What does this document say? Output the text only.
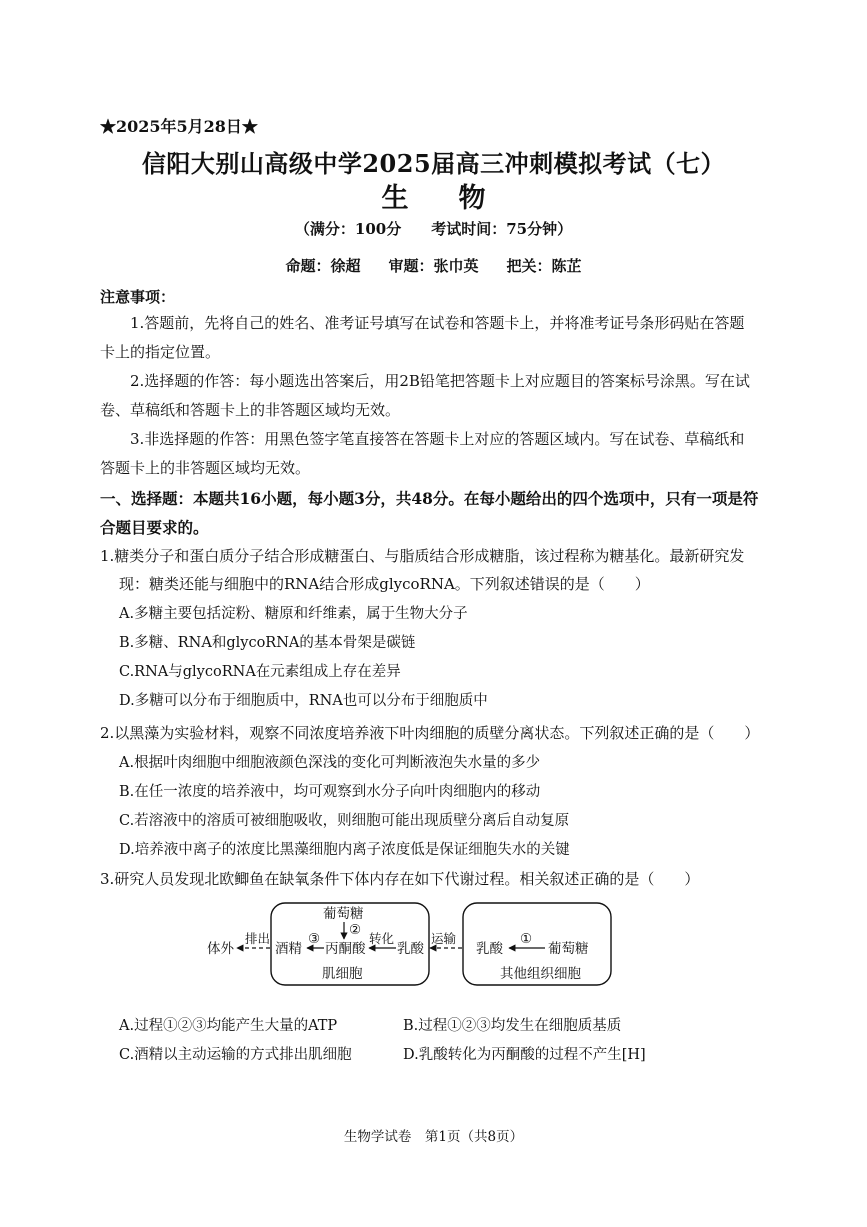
★2025年5月28日★
信阳大别山高级中学2025届高三冲刺模拟考试（七）
生 物
（满分：100分 考试时间：75分钟）
命题：徐超 审题：张巾英 把关：陈芷
注意事项：
1.答题前，先将自己的姓名、准考证号填写在试卷和答题卡上，并将准考证号条形码贴在答题
卡上的指定位置。
2.选择题的作答：每小题选出答案后，用2B铅笔把答题卡上对应题目的答案标号涂黑。写在试
卷、草稿纸和答题卡上的非答题区域均无效。
3.非选择题的作答：用黑色签字笔直接答在答题卡上对应的答题区域内。写在试卷、草稿纸和
答题卡上的非答题区域均无效。
一、选择题：本题共16小题，每小题3分，共48分。在每小题给出的四个选项中，只有一项是符
合题目要求的。
1.糖类分子和蛋白质分子结合形成糖蛋白、与脂质结合形成糖脂，该过程称为糖基化。最新研究发
现：糖类还能与细胞中的RNA结合形成glycoRNA。下列叙述错误的是（　　）
A.多糖主要包括淀粉、糖原和纤维素，属于生物大分子
B.多糖、RNA和glycoRNA的基本骨架是碳链
C.RNA与glycoRNA在元素组成上存在差异
D.多糖可以分布于细胞质中，RNA也可以分布于细胞质中
2.以黑藻为实验材料，观察不同浓度培养液下叶肉细胞的质壁分离状态。下列叙述正确的是（　　）
A.根据叶肉细胞中细胞液颜色深浅的变化可判断液泡失水量的多少
B.在任一浓度的培养液中，均可观察到水分子向叶肉细胞内的移动
C.若溶液中的溶质可被细胞吸收，则细胞可能出现质壁分离后自动复原
D.培养液中离子的浓度比黑藻细胞内离子浓度低是保证细胞失水的关键
3.研究人员发现北欧鲫鱼在缺氧条件下体内存在如下代谢过程。相关叙述正确的是（　　）
葡萄糖
②
体外
排出
酒精
③
丙酮酸
转化
乳酸
肌细胞
运输
乳酸
①
葡萄糖
其他组织细胞
A.过程①②③均能产生大量的ATP	B.过程①②③均发生在细胞质基质
C.酒精以主动运输的方式排出肌细胞	D.乳酸转化为丙酮酸的过程不产生[H]
生物学试卷　第1页（共8页）
